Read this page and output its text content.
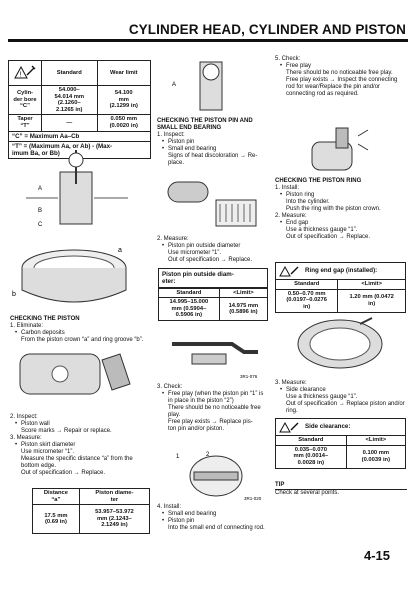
CYLINDER HEAD, CYLINDER AND PISTON
!	Standard	Wear limit
Cylin-
der bore
“C”	54.000–
54.014 mm
(2.1260–
2.1265 in)	54.100
mm
(2.1299 in)
Taper
“T”	—	0.050 mm
(0.0020 in)
“C” = Maximum Aa–Cb
“T” = (Maximum Aa, or Ab) - (Max-
imum Ba, or Bb)
A
B
C
a
b
CHECKING THE PISTON
1. Eliminate:
• Carbon deposits
From the piston crown “a” and ring groove “b”.
2. Inspect:
• Piston wall
Score marks → Repair or replace.
3. Measure:
• Piston skirt diameter
Use micrometer “1”.
Measure the specific distance “a” from the bottom edge.
Out of specification → Replace.
Distance
“a”	Piston diame-
ter
17.5 mm
(0.69 in)	53.957–53.972
mm (2.1243–
2.1249 in)
A
CHECKING THE PISTON PIN AND SMALL END BEARING
1. Inspect:
• Piston pin
• Small end bearing
Signs of heat discoloration → Re-
place.
2. Measure:
• Piston pin outside diameter
Use micrometer “1”.
Out of specification → Replace.
Piston pin outside diam-
eter:
Standard	<Limit>
14.995–15.000
mm (0.5904–
0.5906 in)	14.975 mm
(0.5896 in)
3R1-076
3. Check:
• Free play (when the piston pin “1” is in place in the piston “2”)
There should be no noticeable free play.
Free play exists → Replace pis-
ton pin and/or piston.
1	2
3R1-020
4. Install:
• Small end bearing
• Piston pin
Into the small end of connecting rod.
5. Check:
• Free play
There should be no noticeable free play.
Free play exists → Inspect the connecting rod for wear/Replace the pin and/or connecting rod as required.
CHECKING THE PISTON RING
1. Install:
• Piston ring
Into the cylinder.
Push the ring with the piston crown.
2. Measure:
• End gap
Use a thickness gauge “1”.
Out of specification → Replace.
Ring end gap (installed):
Standard	<Limit>
0.50–0.70 mm
(0.0197–0.0276
in)	1.20 mm (0.0472
in)
3. Measure:
• Side clearance
Use a thickness gauge “1”.
Out of specification → Replace piston and/or ring.
Side clearance:
Standard	<Limit>
0.035–0.070
mm (0.0014–
0.0028 in)	0.100 mm
(0.0039 in)
TIP
Check at several points.
4-15
